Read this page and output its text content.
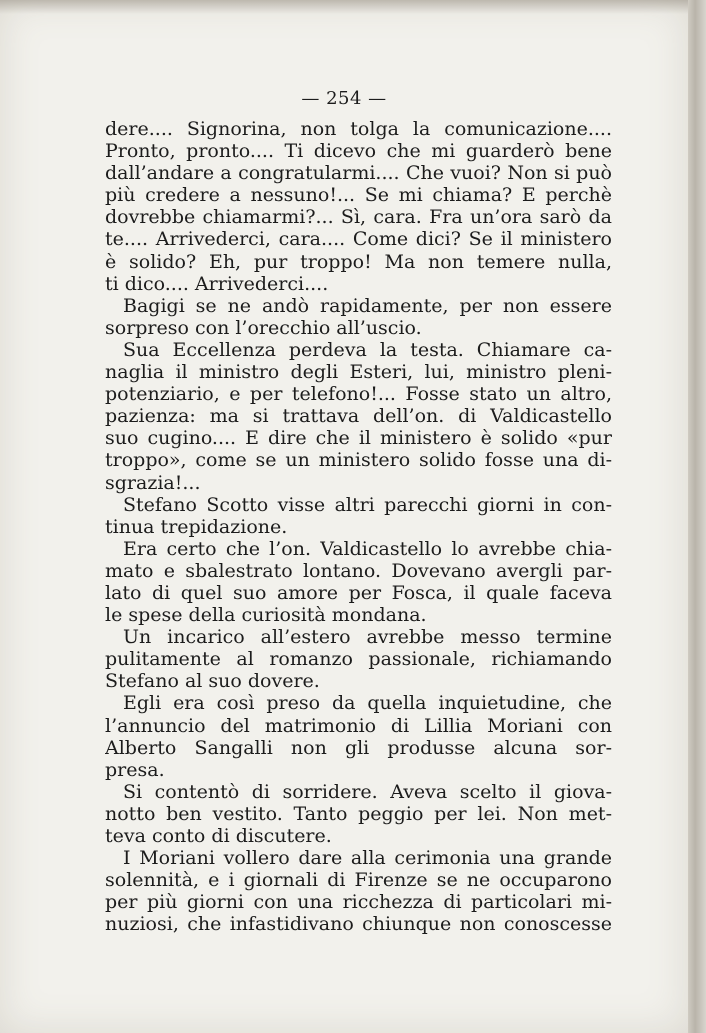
— 254 —
dere.... Signorina, non tolga la comunicazione....
Pronto, pronto.... Ti dicevo che mi guarderò bene
dall’andare a congratularmi.... Che vuoi? Non si può
più credere a nessuno!... Se mi chiama? E perchè
dovrebbe chiamarmi?... Sì, cara. Fra un’ora sarò da
te.... Arrivederci, cara.... Come dici? Se il ministero
è solido? Eh, pur troppo! Ma non temere nulla,
ti dico.... Arrivederci....
Bagigi se ne andò rapidamente, per non essere
sorpreso con l’orecchio all’uscio.
Sua Eccellenza perdeva la testa. Chiamare ca-
naglia il ministro degli Esteri, lui, ministro pleni-
potenziario, e per telefono!... Fosse stato un altro,
pazienza: ma si trattava dell’on. di Valdicastello
suo cugino.... E dire che il ministero è solido «pur
troppo», come se un ministero solido fosse una di-
sgrazia!...
Stefano Scotto visse altri parecchi giorni in con-
tinua trepidazione.
Era certo che l’on. Valdicastello lo avrebbe chia-
mato e sbalestrato lontano. Dovevano avergli par-
lato di quel suo amore per Fosca, il quale faceva
le spese della curiosità mondana.
Un incarico all’estero avrebbe messo termine
pulitamente al romanzo passionale, richiamando
Stefano al suo dovere.
Egli era così preso da quella inquietudine, che
l’annuncio del matrimonio di Lillia Moriani con
Alberto Sangalli non gli produsse alcuna sor-
presa.
Si contentò di sorridere. Aveva scelto il giova-
notto ben vestito. Tanto peggio per lei. Non met-
teva conto di discutere.
I Moriani vollero dare alla cerimonia una grande
solennità, e i giornali di Firenze se ne occuparono
per più giorni con una ricchezza di particolari mi-
nuziosi, che infastidivano chiunque non conoscesse
